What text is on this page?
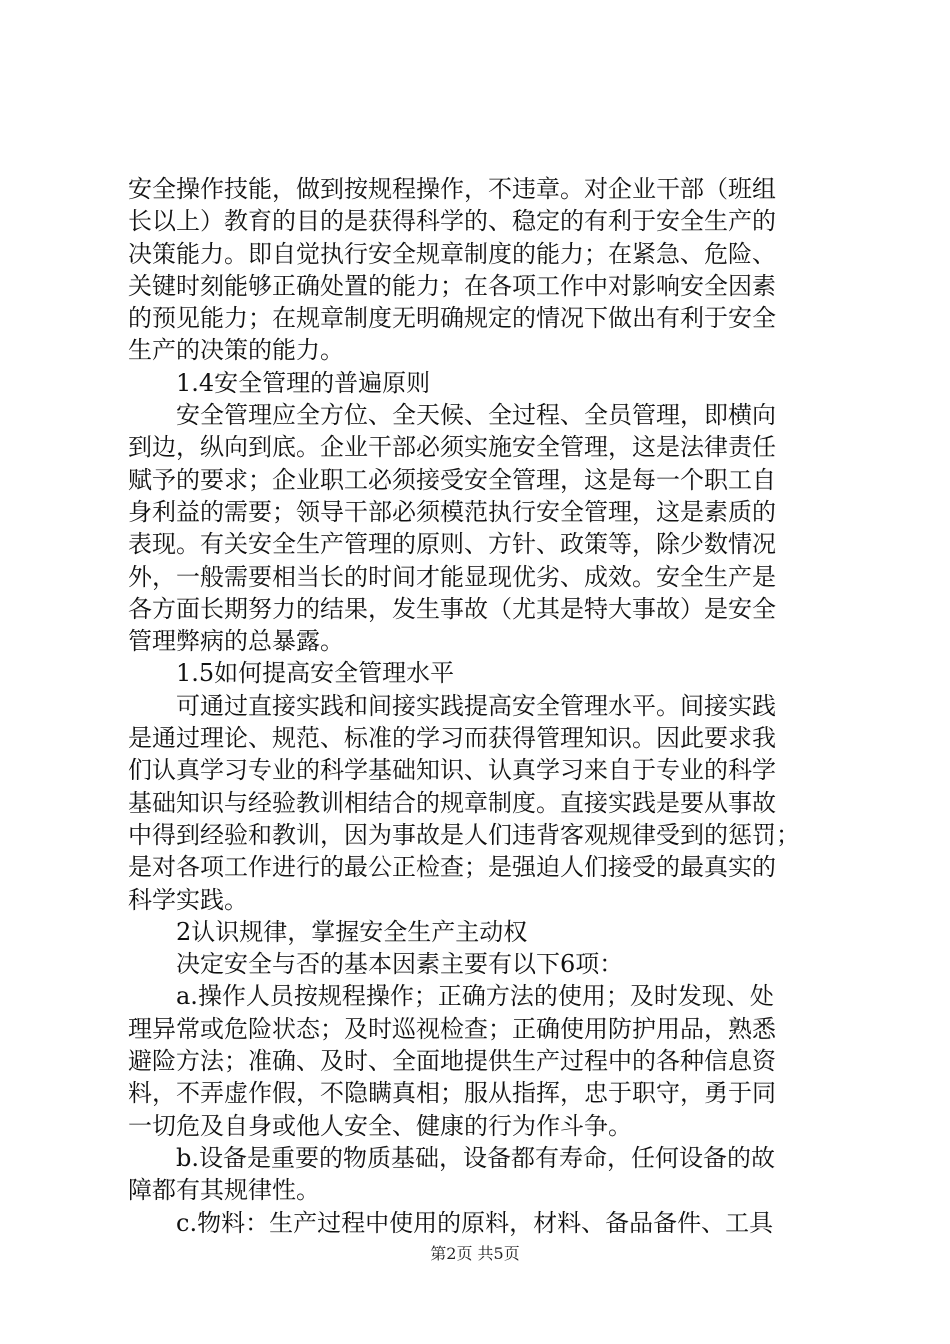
安全操作技能，做到按规程操作，不违章。对企业干部（班组
长以上）教育的目的是获得科学的、稳定的有利于安全生产的
决策能力。即自觉执行安全规章制度的能力；在紧急、危险、
关键时刻能够正确处置的能力；在各项工作中对影响安全因素
的预见能力；在规章制度无明确规定的情况下做出有利于安全
生产的决策的能力。
1.4安全管理的普遍原则
安全管理应全方位、全天候、全过程、全员管理，即横向
到边，纵向到底。企业干部必须实施安全管理，这是法律责任
赋予的要求；企业职工必须接受安全管理，这是每一个职工自
身利益的需要；领导干部必须模范执行安全管理，这是素质的
表现。有关安全生产管理的原则、方针、政策等，除少数情况
外，一般需要相当长的时间才能显现优劣、成效。安全生产是
各方面长期努力的结果，发生事故（尤其是特大事故）是安全
管理弊病的总暴露。
1.5如何提高安全管理水平
可通过直接实践和间接实践提高安全管理水平。间接实践
是通过理论、规范、标准的学习而获得管理知识。因此要求我
们认真学习专业的科学基础知识、认真学习来自于专业的科学
基础知识与经验教训相结合的规章制度。直接实践是要从事故
中得到经验和教训，因为事故是人们违背客观规律受到的惩罚；
是对各项工作进行的最公正检查；是强迫人们接受的最真实的
科学实践。
2认识规律，掌握安全生产主动权
决定安全与否的基本因素主要有以下6项：
a.操作人员按规程操作；正确方法的使用；及时发现、处
理异常或危险状态；及时巡视检查；正确使用防护用品，熟悉
避险方法；准确、及时、全面地提供生产过程中的各种信息资
料，不弄虚作假，不隐瞒真相；服从指挥，忠于职守，勇于同
一切危及自身或他人安全、健康的行为作斗争。
b.设备是重要的物质基础，设备都有寿命，任何设备的故
障都有其规律性。
c.物料：生产过程中使用的原料，材料、备品备件、工具
第2页 共5页
